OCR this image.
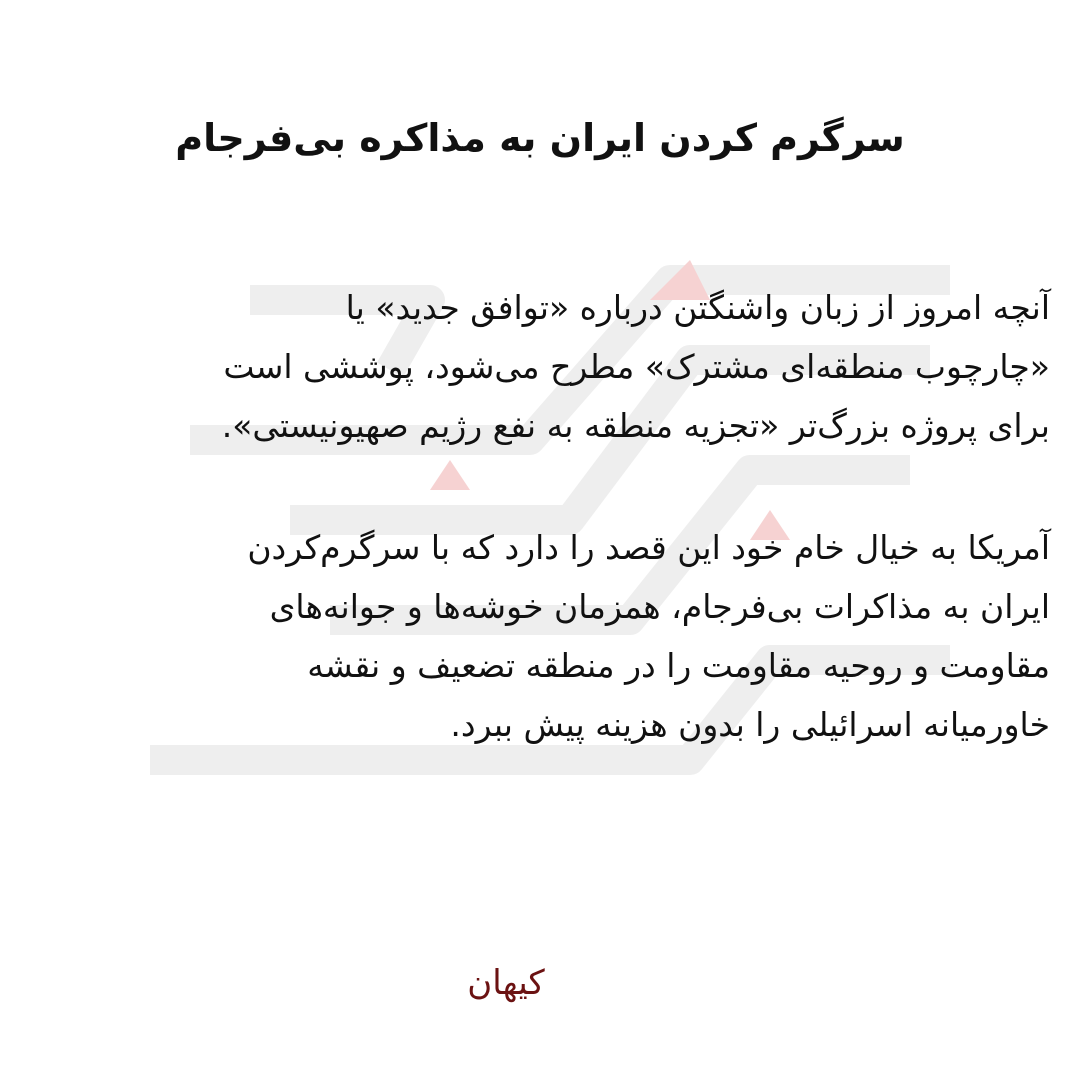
سرگرم کردن ایران به مذاکره بی‌فرجام
آنچه امروز از زبان واشنگتن درباره «توافق جدید» یا
«چارچوب منطقه‌ای مشترک» مطرح می‌شود، پوششی است
برای پروژه بزرگ‌تر «تجزیه منطقه به نفع رژیم صهیونیستی».
آمریکا به خیال خام خود این قصد را دارد که با سرگرم‌کردن
ایران به مذاکرات بی‌فرجام، همزمان خوشه‌ها و جوانه‌های
مقاومت و روحیه مقاومت را در منطقه تضعیف و نقشه
خاورمیانه اسرائیلی را بدون هزینه پیش ببرد.
کیهان
